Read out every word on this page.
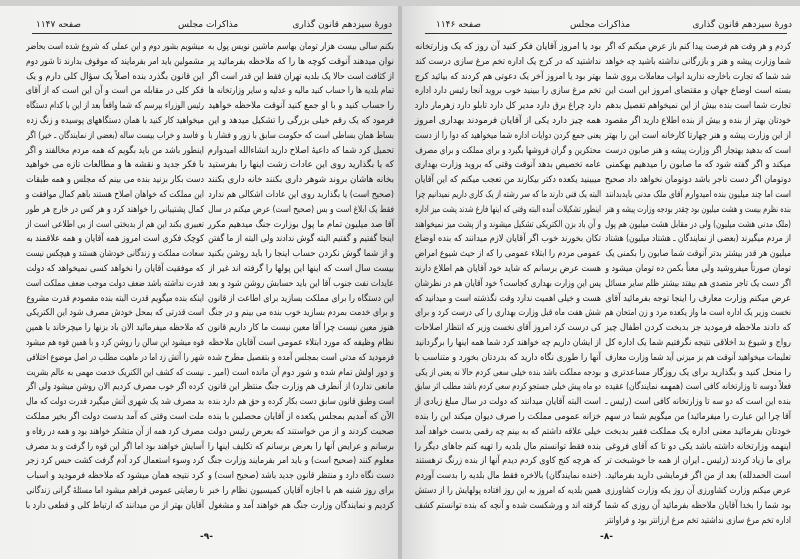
دورهٔ سیزدهم قانون گذاری
مذاکرات مجلس
صفحه ۱۱۴۷	دورهٔ سیزدهم قانون گذاری
مذاکرات مجلس
صفحه ۱۱۴۶
بکنم سالی بیست هزار تومان بهاسم ماشین نویس پول به
نوان میدهند آنوقت کوچه ها را که ملاحظه بفرمائید پر
از کثافت است حالا یک بلدیه تهران فقط این قدر است اگر
تمام بلدیه ها را حساب کنید مالیه و عدلیه و سایر وزارتخانه ها
را حساب کنید و با او جمع کنید آنوقت ملاحظه خواهید
فرمود که یک رقم خیلی بزرگی را تشکیل میدهد و این
بساط همان بساطی است که حکومت سابق با زور و فشار با
تحمیل کرد شما که داعیهٔ اصلاح دارید انشاءالله امیدوارم
که یا بگذارید روی این عادات زشت اینها را بفرستید
بخانه هاشان بروند شوهر داری بکنند خانه داری بکنند
(صحیح است) یا بگذارید روی این عادات اشکالی هم ندارد
فقط یک ابلاغ است و بس (صحیح است) عرض میکنم در سال
آقا صد میلیون تمام ما پول بوزارت جنگ میدهیم مکرر
اینجا گفتیم و گفتیم البته گوش ندادند ولی البته از ما گفتن
و از شما گوش نکردن حساب اینجا را باید روشن بکنید
بیست سال است که اینها این پولها را گرفته اند غیر از
عایدات نفت جنوب آقا این باید حسابش روشن شود و بعد
این دستگاه را برای مملکت بسازید برای اطاعت از قانون
و برای خدمت بمردم بسازید خوب بنده می بینم و در جنگ
هنوز معین نیست چرا آقا معین نیست ما کار داریم قانون
نظام وظیفه که مورد ابتلاء عمومی است آقایان ملاحظه
فرمودید که مدتی است بمجلس آمده و بتفصیل مطرح شده
و دور اولش تمام شده و شور دوم آن مانده است (امیر ـ
مانعی ندارد) از آنطرف هم وزارت جنگ منتظر این قانون
است وطبق قانون سابق دست بکار کرده و حق هم دارد بنده
الآن که آمدیم بمجلس یکعده از آقایان محصلین با بنده
صحبت کردند و از من خواستند که بعرض رئیس دولت
برسانم و عرایض آنها را بعرض برسانم که تکلیف اینها را
معلوم کنند (صحیح است) و باید امر بفرمایند وزارت جنگ
دست نگاه دارد و منتظر قانون جدید باشد (صحیح است) و
برای روز شنبه هم با اجازه آقایان کمیسیون نظام را خبر
کردیم و نمایندگان وزارت جنگ هم خواهند آمد و مشغول
میشویم بشور دوم و این عملی که شروع شده است بحاضر
مشمولین باید امر بفرمایند که موقوف بدارند تا شور دوم
این قانون بگذرد بنده اصلاً یک سؤال کلی دارم و یک
فکر کلی در مقابله من است و آن این است که از آقای
رئیس الوزراء بپرسم که شما واقعاً بعد از این با کدام دستگاه
میخواهید کار کنید با همان دستگاههای پوسیده و زنگ زده
و فاسد و خراب بیست ساله (بعضی از نمایندگان ـ خیر) اگر
اینطور باشد من باید بگویم که همه مردم مخالفند و اگر
با فکر جدید و نقشه ها و مطالعات تازه می خواهید
دست بکار بزنید بنده می بینم که مجلس و همه طبقات
این مملکت که خواهان اصلاح هستند باهم کمال موافقت و
کمال پشتیبانی را خواهند کرد و هر کس در خارج هر طور
تعبیری بکند این هم از بدبختی است از بی اطلاعی است از
کوچک فکری است امروز همه آقایان و همه علاقمند به
سعادت مملکت و زندگانی خودشان هستند و هیچکس نیست
که موفقیت آقایان را نخواهد کسی نمیخواهد که دولت
قدرت نداشته باشد ضعف دولت موجب ضعف مملکت است
اینکه بنده میگویم قدرت البته بنده مقصودم قدرت مشروع
است قدرتی که بمحل خودش مصرف شود این الکتریکی
که ملاحظه میفرمائید الان باد بزنها را میچرخاند با همین
قوه میشود این سالن را روشن کرد و با همین قوه هم میشود
شهر را آتش زد اما در ماهیت مطلب در اصل موضوع اختلافی
نیست که کشف این الکتریک خدمت مهمی به عالم بشریت
کرده اگر خوب مصرف کردیم الان روشن میشود ولی اگر
بد مصرف شد یک شهری آتش میگیرد قدرت دولت که مال
ملت است وقتی که آمد بدست دولت اگر بخیر مملکت
مصرف کرد همه از آن متشکر خواهند بود و همه در رفاه و
آسایش خواهند بود اما اگر این قوه را گرفت و بد مصرف
کرد وسوء استعمال کرد آدم گرفت کشت حبس کرد زجر
کرد نتیجه همان میشود که ملاحظه فرمودید و اسباب
نا رضایتی عمومی فراهم میشود اما مسئلهٔ گرانی زندگانی
آقایان بهتر از من میدانند که ارتباط کلی و قطعی دارد با
کردم و هر وقت هم فرصت پیدا کنم باز عرض میکنم که اگر
شما وزارت پیشه و هنر و بازرگانی نداشته باشید چه خواهد
شد شما که تجارت باخارجه ندارید ابواب معاملات بروی شما
بسته است اوضاع جهان و مقتضای امروز این است این
تجارت شما است بنده بیش از این نمیخواهم تفصیل بدهم
خودتان بهتر از بنده و بیش از بنده اطلاع دارید اگر مقصود
از این وزارت پیشه و هنر چهارتا کارخانه است این را بهتر
است که بدهید بهتجار اگر وزارت پیشه و هنر صابون درست
میکند و اگر گفته شود که ما صابون را میدهیم بهکمنی
دوتومان اگر دست تاجر باشد دوتومان نخواهد داد صحیح
است اما چند میلیون بنده امیدوارم آقای ملک مدنی بایدبدانند
بنده نظرم بیست و هشت میلیون بود چقدر بودجه وزارت پیشه و هنر
(ملک مدنی هشت میلیون) ولی در مقابل هشت میلیون هم پول
از مردم میگیرند (بعضی از نمایندگان ـ هشتاد میلیون) هشتاد
میلیون هر قدر بیشتر بدتر آنوقت شما صابون را بکمنی یک
تومان صورتاً میفروشید ولی معناً بکمن ده تومان میشود و
اگر دست یک تاجر متصدی هم بیفتد بیشتر ظلم سایر مسائل
عرض میکنم وزارت معارف را اینجا توجه بفرمائید آقای
نخست وزیر یک اداره است ما واز یکعده مرد و زن امتحان هم
که دادند ملاحظه فرمودید جز بدبخت کردن اطفال چیز
رواج و شیوع بد اخلاقی نتیجه نگرفتیم شما یک اداره کل
تعلیمات میخواهید آنوقت هم بز میزنی آید شما وزارت معارف
را منحل کنید و بگذارید برای یک روزگار مساعدتری و
فعلاً دوسه تا وزارتخانه کافی است (همهمه نمایندگان) عقیده
بنده این است که دو سه تا وزارتخانه کافی است (رئیس ـ
آقا چرا این عبارت را میفرمائید) من میگویم شما در سهم
خودتان بفرمائید معنی اداره یک مملکت فقیر بدبخت
اینهمه وزارتخانه داشته باشد یکی دو تا که آقای فروغی
برای ما زیاد کردند (رئیس ـ ایران از همه جا خوشبخت تر
است الحمدلله) بعد از من اگر فرمایشی دارید بفرمائید.
عرض میکنم وزارت کشاورزی آن روز یکه وزارت کشاورزی
بود شما را بخدا آقایان ملاحظه بفرمائید آن روزی که شما
اداره تخم مرغ سازی نداشتید تخم مرغ ارزانتر بود و فراوانتر
بود یا امروز آقایان فکر کنید آن روز که یک وزارتخانه
نداشتید که در کرج یک اداره تخم مرغ سازی درست کند
بهتر بود یا امروز آخر یک دعوتی هم کردند که بیائید کرج
تخم مرغ سازی را ببینید خوب بروید آنجا رئیس دارد اداره
دارد چراغ برق دارد مدیر کل دارد تابلو دارد زهرمار دارد
همه چیز دارد یکی از آقایان فرمودند بهداری امروز
یعنی جمع کردن دوایات اداره شما میخواهید که دوا را از دست
محتکرین و گران فروشها بگیرد و برای مملکت و برای مصرف
عامه تخصیص بدهد آنوقت وقتی که بروید وزارت بهداری
میبینید یکعده دکتر بیکارند من تعجب میکنم که این آقایان
البته یک فنی دارند ما که سر رشته از یک کاری داریم نمیدانیم چرا
اینطور تشکیلات آمده البته وقتی که اینها فارغ شدند پشت میز اداره
و آن باد بزن الکتریکی تشکیل میشوند و از پشت میز نمیخواهند
تکان بخورند خوب اگر آقایان لازم میدانند که بنده اوضاع
عمومی مردم را ابتلاء عمومی را که از حیث شیوع امراض
هست عرض برسانم که شاید خود آقایان هم اطلاع دارند
پس این وزارت بهداری کجاست؟ خود آقایان هم در نظرشان
هست و خیلی اهمیت ندارد وقت نگذشته است و میدانید که
شش هفت ماه قبل وزارت بهداری را کی درست کرد و برای
کی درست کرد امروز آقای نخست وزیر که انتظار اصلاحات
از ایشان داریم چه خواهند کرد شما همه اینها را برگردانید
آنها را طوری نگاه دارید که بدردتان بخورد و متناسب با
بودجه مملکت باشد بنده خیلی سعی کردم حالا نه یعنی از یکی
دو ماه پیش خیلی جستجو کردم سعی کردم باشد مطلب اثر سابق
است البته آقایان میدانند که دولت در سال مبلغ زیادی از
خزانه عمومی مملکت را صرف دیوان میکند این را بنده
خیلی علاقه داشتم که به بینم چه رقمی بدست خواهد آمد
بنده فقط توانستم مال بلدیه را تهیه کنم جاهای دیگر را
که هرچه کنج کاوی کردم دیدم آنها از بنده زرنگ ترهستند
(خنده نمایندگان) بالاخره فقط مال بلدیه را بدست آوردم
همین بلدیه که امروز به این روز افتاده پولهایش را از دستش
گرفته اند و ورشکست شده و آنچه که بنده توانستم کشف
-۹-	-۸-
